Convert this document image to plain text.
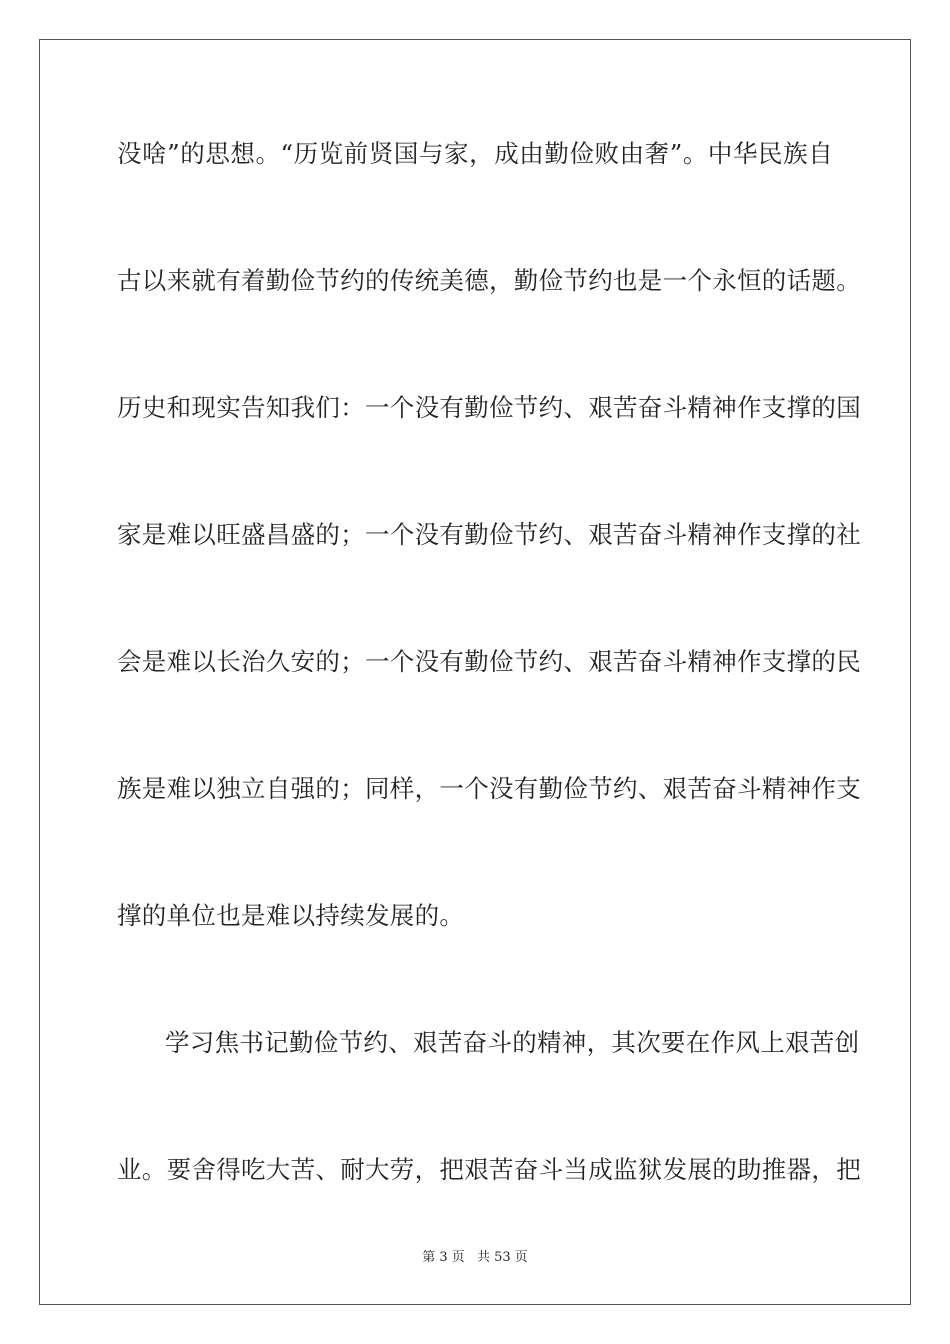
没啥”的思想。“历览前贤国与家，成由勤俭败由奢”。中华民族自
古以来就有着勤俭节约的传统美德，勤俭节约也是一个永恒的话题。
历史和现实告知我们：一个没有勤俭节约、艰苦奋斗精神作支撑的国
家是难以旺盛昌盛的；一个没有勤俭节约、艰苦奋斗精神作支撑的社
会是难以长治久安的；一个没有勤俭节约、艰苦奋斗精神作支撑的民
族是难以独立自强的；同样，一个没有勤俭节约、艰苦奋斗精神作支
撑的单位也是难以持续发展的。
学习焦书记勤俭节约、艰苦奋斗的精神，其次要在作风上艰苦创
业。要舍得吃大苦、耐大劳，把艰苦奋斗当成监狱发展的助推器，把
第 3 页 共 53 页
